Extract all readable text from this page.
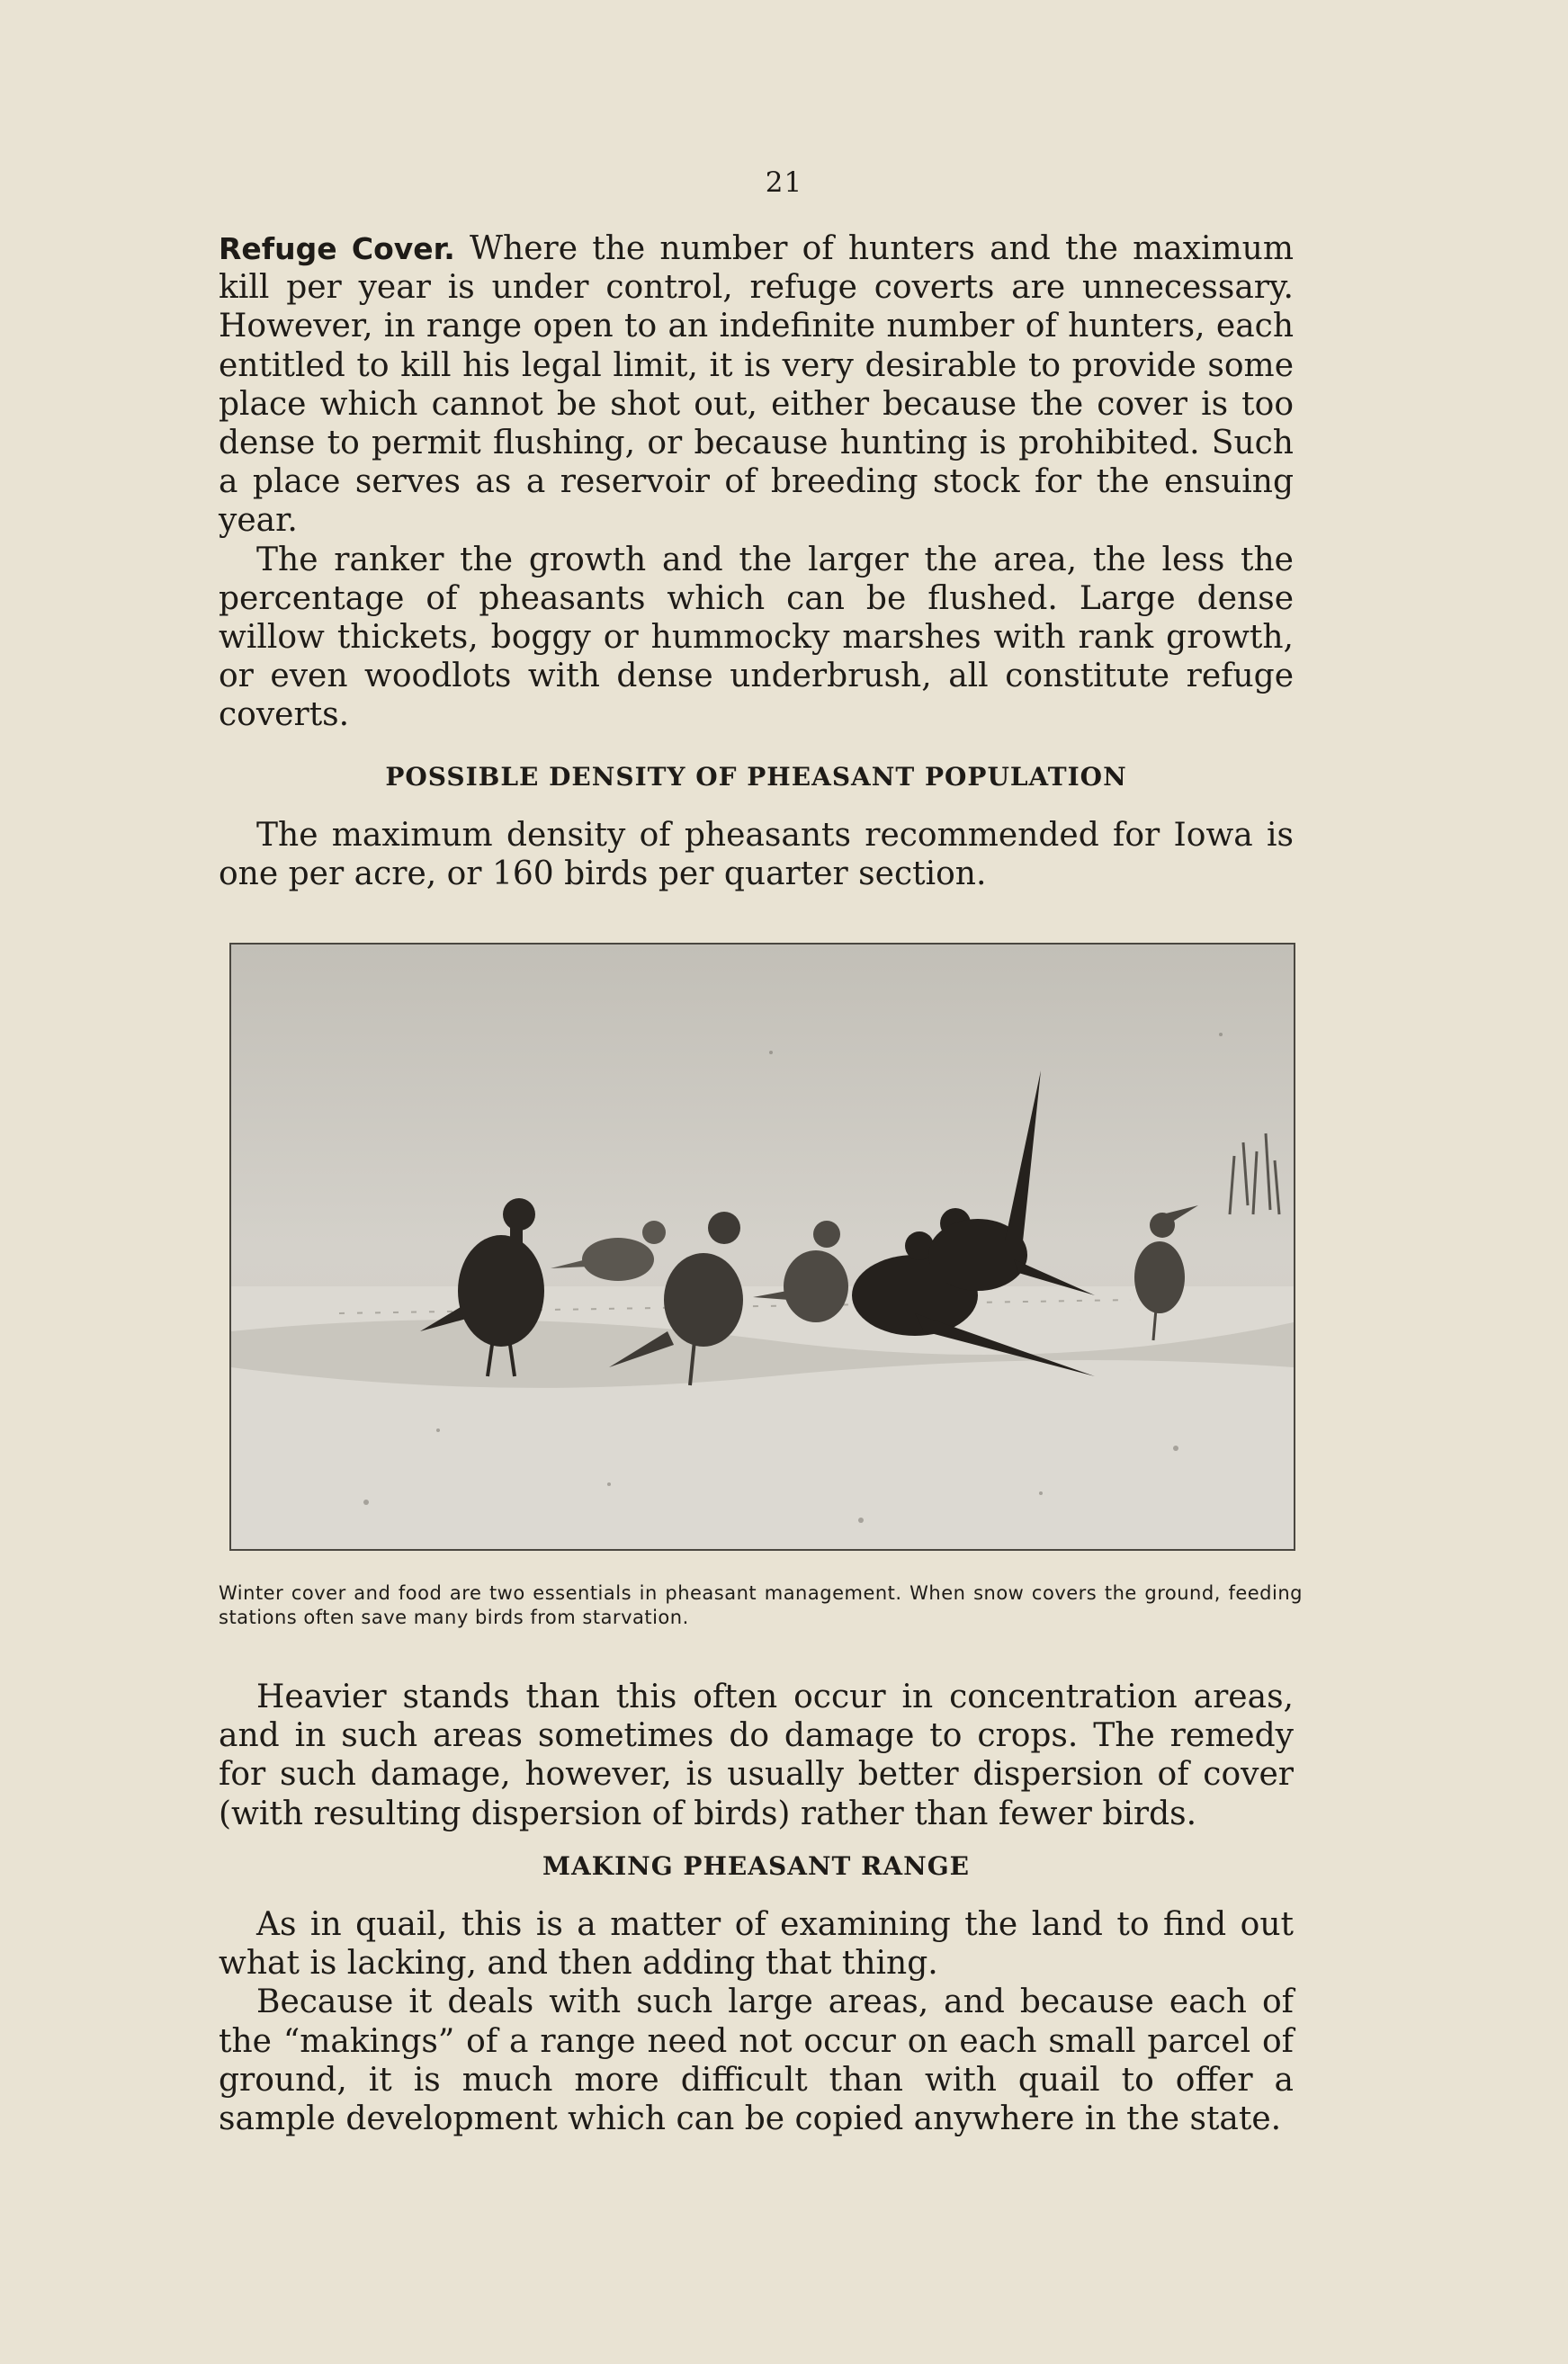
21

Refuge Cover. Where the number of hunters and the maximum kill per year is under control, refuge coverts are unnecessary. However, in range open to an indefinite number of hunters, each entitled to kill his legal limit, it is very desirable to provide some place which cannot be shot out, either because the cover is too dense to permit flushing, or because hunting is prohibited. Such a place serves as a reservoir of breeding stock for the ensuing year.

The ranker the growth and the larger the area, the less the percentage of pheasants which can be flushed. Large dense willow thickets, boggy or hummocky marshes with rank growth, or even woodlots with dense underbrush, all constitute refuge coverts.

POSSIBLE DENSITY OF PHEASANT POPULATION

The maximum density of pheasants recommended for Iowa is one per acre, or 160 birds per quarter section.

Winter cover and food are two essentials in pheasant management. When snow covers the ground, feeding stations often save many birds from starvation.

Heavier stands than this often occur in concentration areas, and in such areas sometimes do damage to crops. The remedy for such damage, however, is usually better dispersion of cover (with resulting dispersion of birds) rather than fewer birds.

MAKING PHEASANT RANGE

As in quail, this is a matter of examining the land to find out what is lacking, and then adding that thing.

Because it deals with such large areas, and because each of the “makings” of a range need not occur on each small parcel of ground, it is much more difficult than with quail to offer a sample development which can be copied anywhere in the state.
